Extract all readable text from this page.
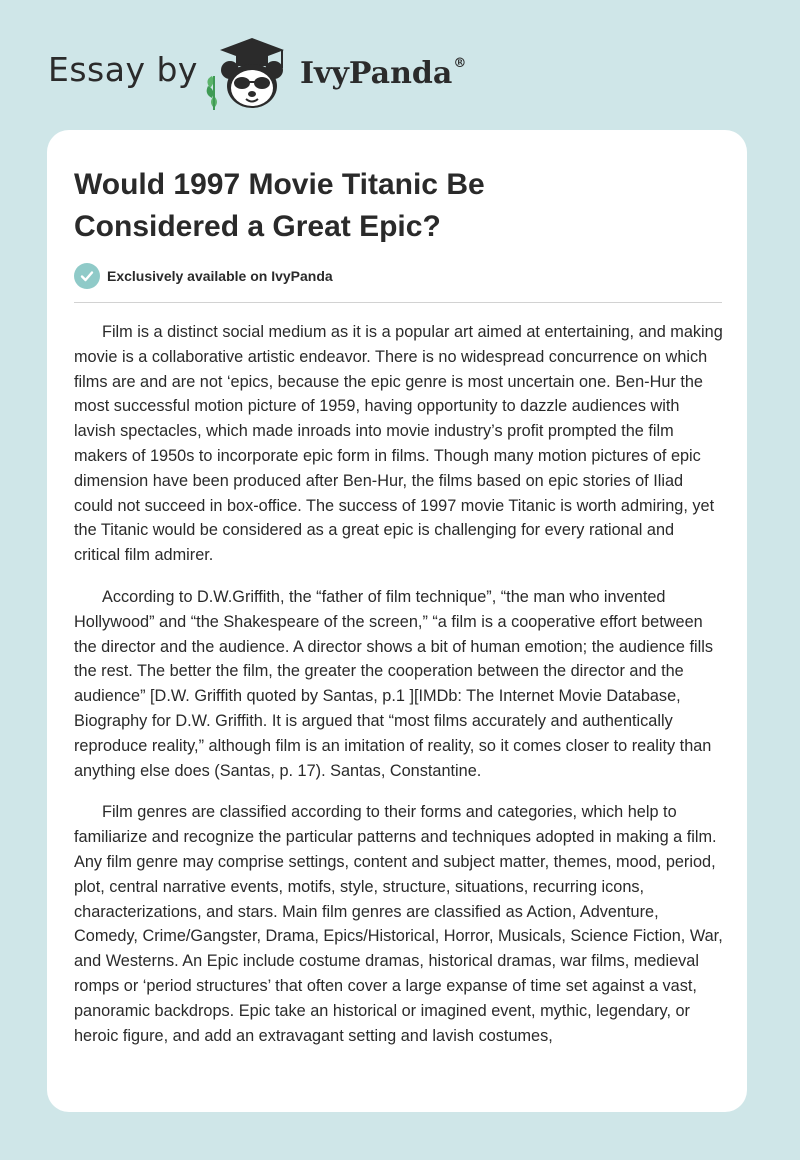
Essay by	IvyPanda®
Would 1997 Movie Titanic Be
Considered a Great Epic?
Exclusively available on IvyPanda

Film is a distinct social medium as it is a popular art aimed at entertaining, and making movie is a collaborative artistic endeavor. There is no widespread concurrence on which films are and are not ‘epics, because the epic genre is most uncertain one. Ben-Hur the most successful motion picture of 1959, having opportunity to dazzle audiences with lavish spectacles, which made inroads into movie industry’s profit prompted the film makers of 1950s to incorporate epic form in films. Though many motion pictures of epic dimension have been produced after Ben-Hur, the films based on epic stories of Iliad could not succeed in box-office. The success of 1997 movie Titanic is worth admiring, yet the Titanic would be considered as a great epic is challenging for every rational and critical film admirer.

According to D.W.Griffith, the “father of film technique”, “the man who invented Hollywood” and “the Shakespeare of the screen,” “a film is a cooperative effort between the director and the audience. A director shows a bit of human emotion; the audience fills the rest. The better the film, the greater the cooperation between the director and the audience” [D.W. Griffith quoted by Santas, p.1 ][IMDb: The Internet Movie Database, Biography for D.W. Griffith. It is argued that “most films accurately and authentically reproduce reality,” although film is an imitation of reality, so it comes closer to reality than anything else does (Santas, p. 17). Santas, Constantine.

Film genres are classified according to their forms and categories, which help to familiarize and recognize the particular patterns and techniques adopted in making a film. Any film genre may comprise settings, content and subject matter, themes, mood, period, plot, central narrative events, motifs, style, structure, situations, recurring icons, characterizations, and stars. Main film genres are classified as Action, Adventure, Comedy, Crime/Gangster, Drama, Epics/Historical, Horror, Musicals, Science Fiction, War, and Westerns. An Epic include costume dramas, historical dramas, war films, medieval romps or ‘period structures’ that often cover a large expanse of time set against a vast, panoramic backdrops. Epic take an historical or imagined event, mythic, legendary, or heroic figure, and add an extravagant setting and lavish costumes,
